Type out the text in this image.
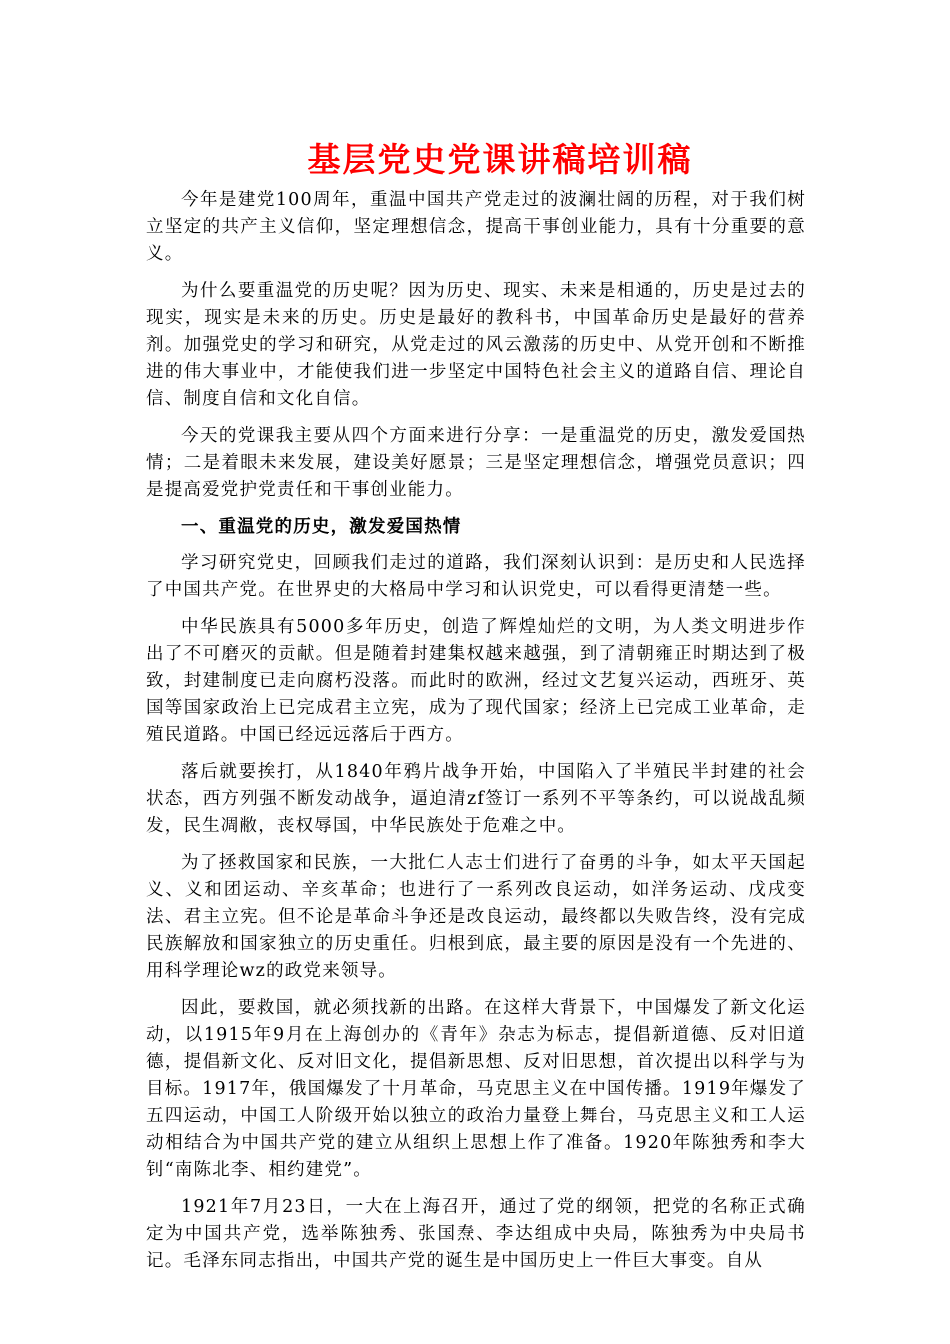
基层党史党课讲稿培训稿

今年是建党100周年，重温中国共产党走过的波澜壮阔的历程，对于我们树立坚定的共产主义信仰，坚定理想信念，提高干事创业能力，具有十分重要的意义。

为什么要重温党的历史呢？因为历史、现实、未来是相通的，历史是过去的现实，现实是未来的历史。历史是最好的教科书，中国革命历史是最好的营养剂。加强党史的学习和研究，从党走过的风云激荡的历史中、从党开创和不断推进的伟大事业中，才能使我们进一步坚定中国特色社会主义的道路自信、理论自信、制度自信和文化自信。

今天的党课我主要从四个方面来进行分享：一是重温党的历史，激发爱国热情；二是着眼未来发展，建设美好愿景；三是坚定理想信念，增强党员意识；四是提高爱党护党责任和干事创业能力。

一、重温党的历史，激发爱国热情

学习研究党史，回顾我们走过的道路，我们深刻认识到：是历史和人民选择了中国共产党。在世界史的大格局中学习和认识党史，可以看得更清楚一些。

中华民族具有5000多年历史，创造了辉煌灿烂的文明，为人类文明进步作出了不可磨灭的贡献。但是随着封建集权越来越强，到了清朝雍正时期达到了极致，封建制度已走向腐朽没落。而此时的欧洲，经过文艺复兴运动，西班牙、英国等国家政治上已完成君主立宪，成为了现代国家；经济上已完成工业革命，走殖民道路。中国已经远远落后于西方。

落后就要挨打，从1840年鸦片战争开始，中国陷入了半殖民半封建的社会状态，西方列强不断发动战争，逼迫清zf签订一系列不平等条约，可以说战乱频发，民生凋敝，丧权辱国，中华民族处于危难之中。

为了拯救国家和民族，一大批仁人志士们进行了奋勇的斗争，如太平天国起义、义和团运动、辛亥革命；也进行了一系列改良运动，如洋务运动、戊戌变法、君主立宪。但不论是革命斗争还是改良运动，最终都以失败告终，没有完成民族解放和国家独立的历史重任。归根到底，最主要的原因是没有一个先进的、用科学理论wz的政党来领导。

因此，要救国，就必须找新的出路。在这样大背景下，中国爆发了新文化运动，以1915年9月在上海创办的《青年》杂志为标志，提倡新道德、反对旧道德，提倡新文化、反对旧文化，提倡新思想、反对旧思想，首次提出以科学与为目标。1917年，俄国爆发了十月革命，马克思主义在中国传播。1919年爆发了五四运动，中国工人阶级开始以独立的政治力量登上舞台，马克思主义和工人运动相结合为中国共产党的建立从组织上思想上作了准备。1920年陈独秀和李大钊“南陈北李、相约建党”。

1921年7月23日，一大在上海召开，通过了党的纲领，把党的名称正式确定为中国共产党，选举陈独秀、张国焘、李达组成中央局，陈独秀为中央局书记。毛泽东同志指出，中国共产党的诞生是中国历史上一件巨大事变。自从
